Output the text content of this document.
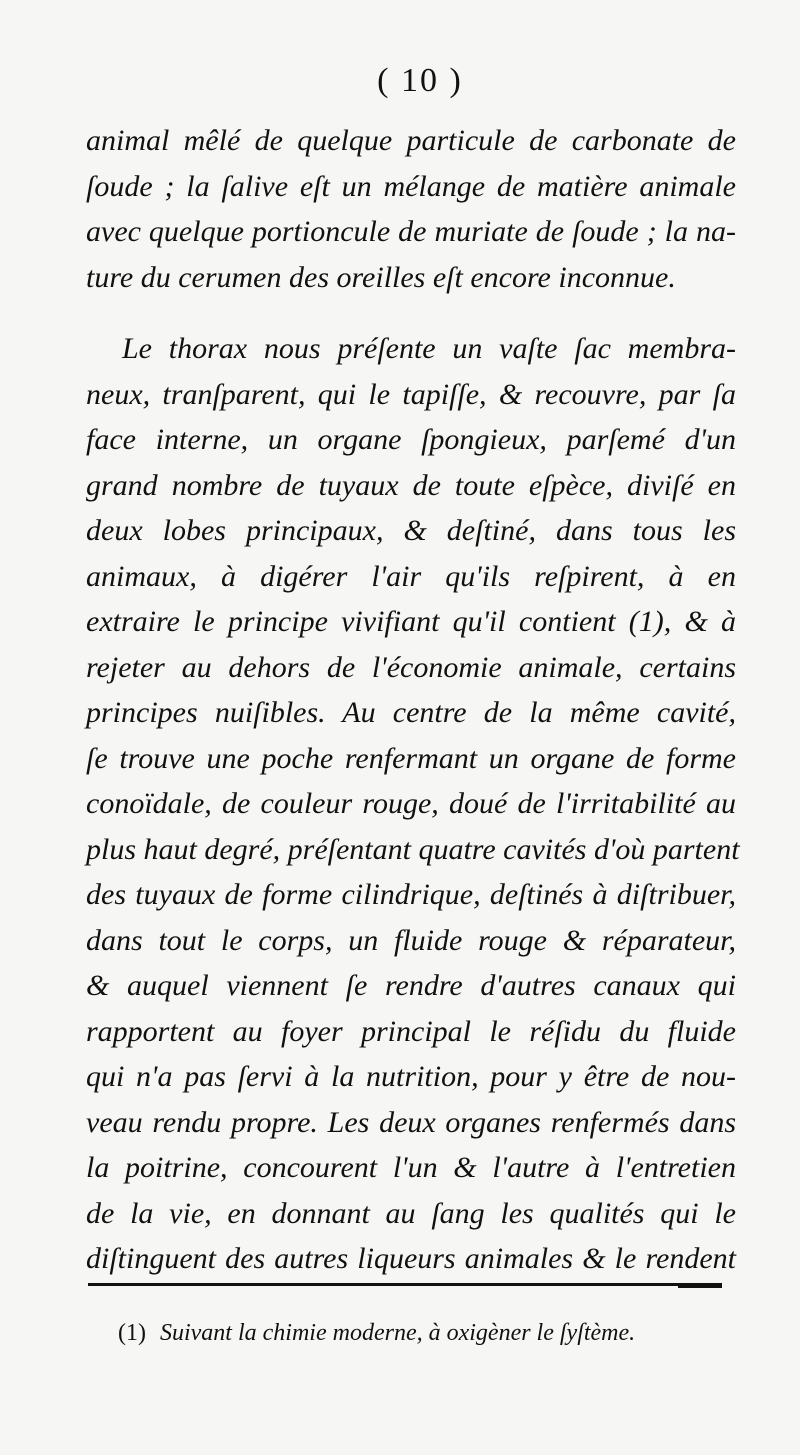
( 10 )
animal mêlé de quelque particule de carbonate de
ſoude ; la ſalive eſt un mélange de matière animale
avec quelque portioncule de muriate de ſoude ; la na-
ture du cerumen des oreilles eſt encore inconnue.
Le thorax nous préſente un vaſte ſac membra-
neux, tranſparent, qui le tapiſſe, & recouvre, par ſa
face interne, un organe ſpongieux, parſemé d'un
grand nombre de tuyaux de toute eſpèce, diviſé en
deux lobes principaux, & deſtiné, dans tous les
animaux, à digérer l'air qu'ils reſpirent, à en
extraire le principe vivifiant qu'il contient (1), & à
rejeter au dehors de l'économie animale, certains
principes nuiſibles. Au centre de la même cavité,
ſe trouve une poche renfermant un organe de forme
conoïdale, de couleur rouge, doué de l'irritabilité au
plus haut degré, préſentant quatre cavités d'où partent
des tuyaux de forme cilindrique, deſtinés à diſtribuer,
dans tout le corps, un fluide rouge & réparateur,
& auquel viennent ſe rendre d'autres canaux qui
rapportent au foyer principal le réſidu du fluide
qui n'a pas ſervi à la nutrition, pour y être de nou-
veau rendu propre. Les deux organes renfermés dans
la poitrine, concourent l'un & l'autre à l'entretien
de la vie, en donnant au ſang les qualités qui le
diſtinguent des autres liqueurs animales & le rendent
(1) Suivant la chimie moderne, à oxigèner le ſyſtème.
